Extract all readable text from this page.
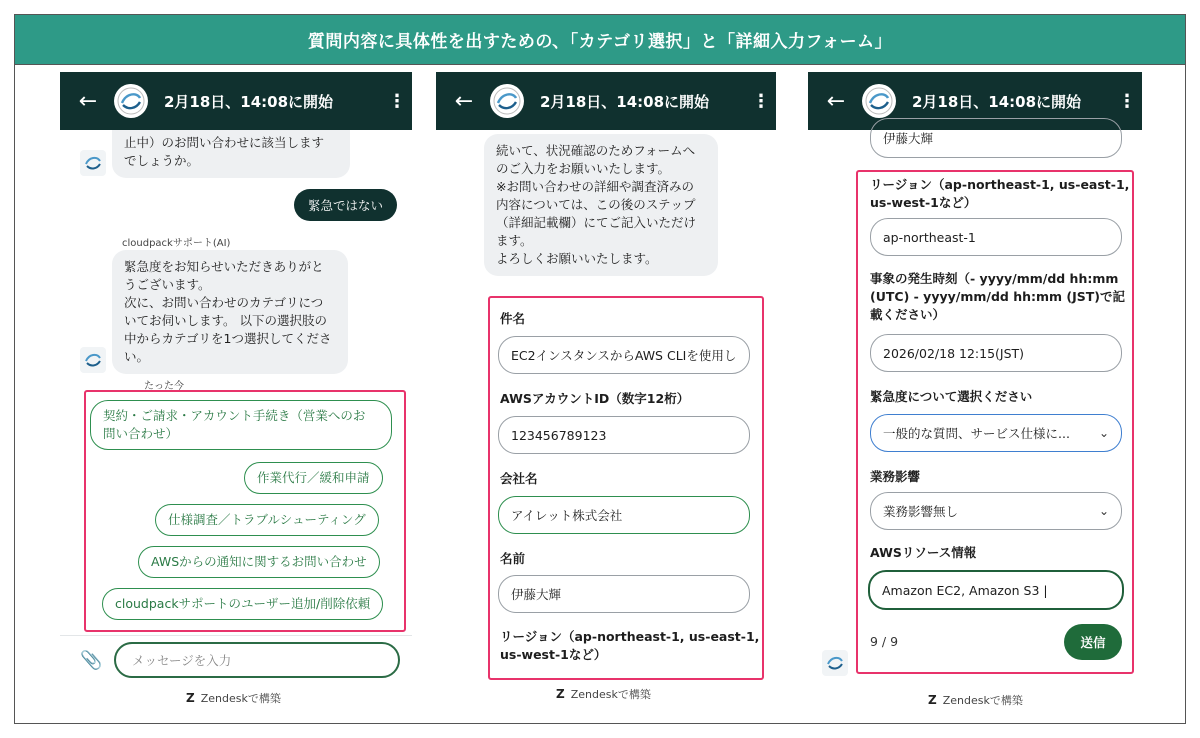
質問内容に具体性を出すための、「カテゴリ選択」と「詳細入力フォーム」
←	2月18日、14:08に開始	⋮
止中）のお問い合わせに該当します
でしょうか。
緊急ではない
cloudpackサポート(AI)
緊急度をお知らせいただきありがと
うございます。
次に、お問い合わせのカテゴリにつ
いてお伺いします。 以下の選択肢の
中からカテゴリを1つ選択してくださ
い。
たった今
契約・ご請求・アカウント手続き（営業へのお
問い合わせ）
作業代行／緩和申請
仕様調査／トラブルシューティング
AWSからの通知に関するお問い合わせ
cloudpackサポートのユーザー追加/削除依頼
📎	メッセージを入力
Z Zendeskで構築
←	2月18日、14:08に開始	⋮
続いて、状況確認のためフォームへ
のご入力をお願いいたします。
※お問い合わせの詳細や調査済みの
内容については、この後のステップ
（詳細記載欄）にてご記入いただけ
ます。
よろしくお願いいたします。
件名
EC2インスタンスからAWS CLIを使用し
AWSアカウントID（数字12桁）
123456789123
会社名
アイレット株式会社
名前
伊藤大輝
リージョン（ap-northeast-1, us-east-1,
us-west-1など）
Z Zendeskで構築
←	2月18日、14:08に開始	⋮
伊藤大輝
リージョン（ap-northeast-1, us-east-1,
us-west-1など）
ap-northeast-1
事象の発生時刻（- yyyy/mm/dd hh:mm
(UTC) - yyyy/mm/dd hh:mm (JST)で記
載ください）
2026/02/18 12:15(JST)
緊急度について選択ください
一般的な質問、サービス仕様に... ⌄
業務影響
業務影響無し	⌄
AWSリソース情報
Amazon EC2, Amazon S3 |
9 / 9	送信
Z Zendeskで構築
